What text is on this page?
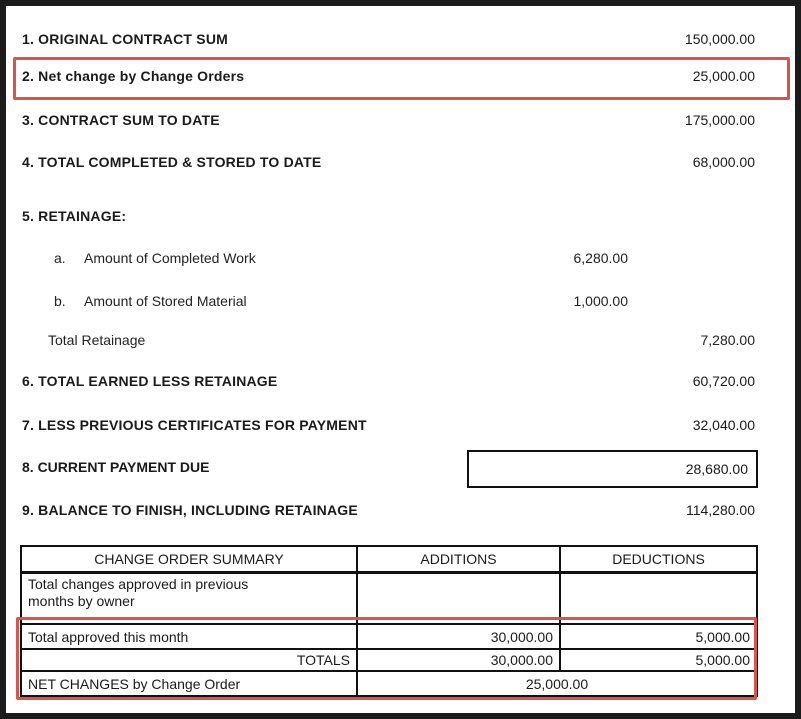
1. ORIGINAL CONTRACT SUM	150,000.00
2. Net change by Change Orders	25,000.00
3. CONTRACT SUM TO DATE	175,000.00
4. TOTAL COMPLETED & STORED TO DATE	68,000.00
5. RETAINAGE:
a. Amount of Completed Work	6,280.00
b. Amount of Stored Material	1,000.00
Total Retainage	7,280.00
6. TOTAL EARNED LESS RETAINAGE	60,720.00
7. LESS PREVIOUS CERTIFICATES FOR PAYMENT	32,040.00
8. CURRENT PAYMENT DUE	28,680.00
9. BALANCE TO FINISH, INCLUDING RETAINAGE	114,280.00
CHANGE ORDER SUMMARY	ADDITIONS	DEDUCTIONS

Total changes approved in previous months by owner		

Total approved this month	30,000.00	5,000.00
TOTALS	30,000.00	5,000.00
NET CHANGES by Change Order	25,000.00	
